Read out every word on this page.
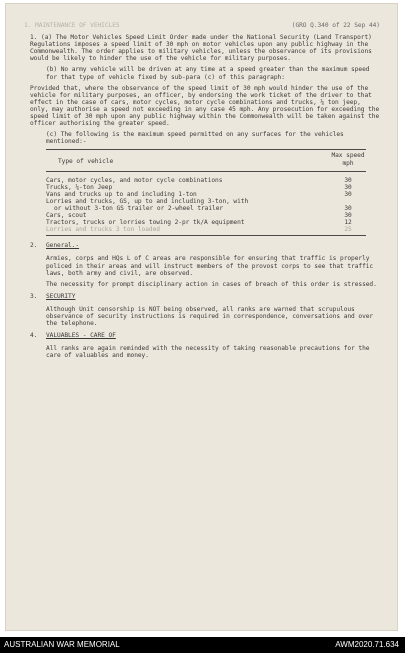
1. MAINTENANCE OF VEHICLES	(GRO Q.340 of 22 Sep 44)

1. (a) The Motor Vehicles Speed Limit Order made under the National Security (Land Transport) Regulations imposes a speed limit of 30 mph on motor vehicles upon any public highway in the Commonwealth. The order applies to military vehicles, unless the observance of its provisions would be likely to hinder the use of the vehicle for military purposes.

(b) No army vehicle will be driven at any time at a speed greater than the maximum speed for that type of vehicle fixed by sub-para (c) of this paragraph:

Provided that, where the observance of the speed limit of 30 mph would hinder the use of the vehicle for military purposes, an officer, by endorsing the work ticket of the driver to that effect in the case of cars, motor cycles, motor cycle combinations and trucks, ¼ ton jeep, only, may authorise a speed not exceeding in any case 45 mph. Any prosecution for exceeding the speed limit of 30 mph upon any public highway within the Commonwealth will be taken against the officer authorising the greater speed.

(c) The following is the maximum speed permitted on any surfaces for the vehicles mentioned:-

Type of vehicle
Max speed mph
Cars, motor cycles, and motor cycle combinations	30
Trucks, ¼-ton Jeep	30
Vans and trucks up to and including 1-ton	30
Lorries and trucks, GS, up to and including 3-ton, with
or without 3-ton GS trailer or 2-wheel trailer	30
Cars, scout	30
Tractors, trucks or lorries towing 2-pr tk/A equipment	12
Lorries and trucks 3 ton loaded	25
2.	General.-

Armies, corps and HQs L of C areas are responsible for ensuring that traffic is properly policed in their areas and will instruct members of the provost corps to see that traffic laws, both army and civil, are observed.

The necessity for prompt disciplinary action in cases of breach of this order is stressed.

3.	SECURITY

Although Unit censorship is NOT being observed, all ranks are warned that scrupulous observance of security instructions is required in correspondence, conversations and over the telephone.

4.	VALUABLES - CARE OF

All ranks are again reminded with the necessity of taking reasonable precautions for the care of valuables and money.

AUSTRALIAN WAR MEMORIAL	AWM2020.71.634
